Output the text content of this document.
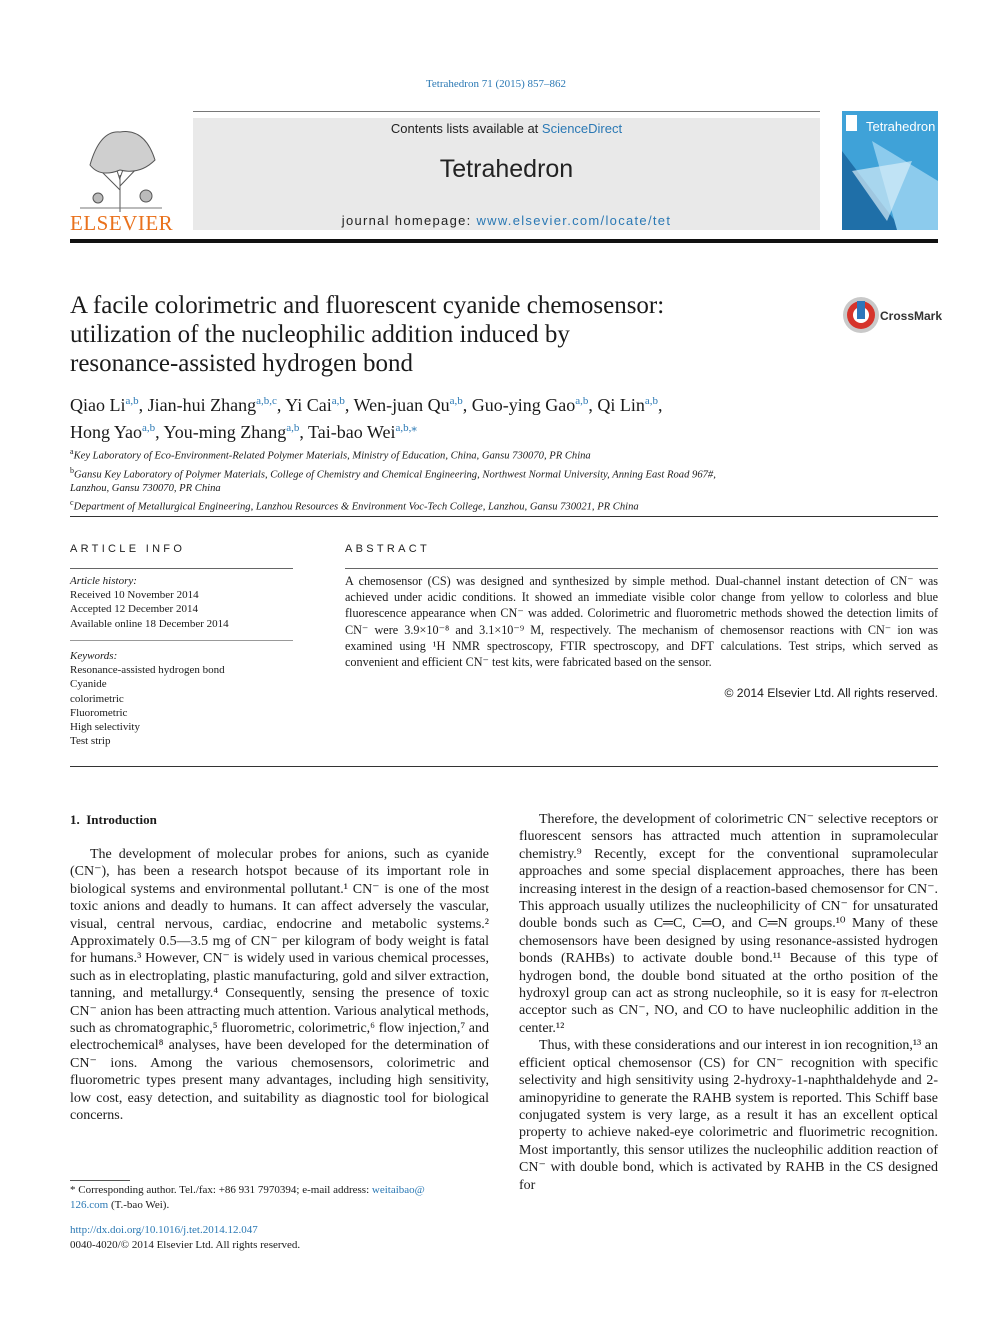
Tetrahedron 71 (2015) 857–862
ELSEVIER
Contents lists available at ScienceDirect
Tetrahedron
journal homepage: www.elsevier.com/locate/tet
Tetrahedron
A facile colorimetric and fluorescent cyanide chemosensor:
utilization of the nucleophilic addition induced by
resonance-assisted hydrogen bond
CrossMark
Qiao Li$^{a,b}$, Jian-hui Zhang$^{a,b,c}$, Yi Cai$^{a,b}$, Wen-juan Qu$^{a,b}$, Guo-ying Gao$^{a,b}$, Qi Lin$^{a,b}$,
Hong Yao$^{a,b}$, You-ming Zhang$^{a,b}$, Tai-bao Wei$^{a,b,⁎}$
$^a$Key Laboratory of Eco-Environment-Related Polymer Materials, Ministry of Education, China, Gansu 730070, PR China
$^b$Gansu Key Laboratory of Polymer Materials, College of Chemistry and Chemical Engineering, Northwest Normal University, Anning East Road 967#,
Lanzhou, Gansu 730070, PR China
$^c$Department of Metallurgical Engineering, Lanzhou Resources & Environment Voc-Tech College, Lanzhou, Gansu 730021, PR China
ARTICLE INFO
Article history:
Received 10 November 2014
Accepted 12 December 2014
Available online 18 December 2014
Keywords:
Resonance-assisted hydrogen bond
Cyanide
colorimetric
Fluorometric
High selectivity
Test strip
ABSTRACT
A chemosensor (CS) was designed and synthesized by simple method. Dual-channel instant detection of CN⁻ was achieved under acidic conditions. It showed an immediate visible color change from yellow to colorless and blue fluorescence appearance when CN⁻ was added. Colorimetric and fluorometric methods showed the detection limits of CN⁻ were 3.9×10⁻⁸ and 3.1×10⁻⁹ M, respectively. The mechanism of chemosensor reactions with CN⁻ ion was examined using ¹H NMR spectroscopy, FTIR spectroscopy, and DFT calculations. Test strips, which served as convenient and efficient CN⁻ test kits, were fabricated based on the sensor.
© 2014 Elsevier Ltd. All rights reserved.
1. Introduction

The development of molecular probes for anions, such as cyanide (CN⁻), has been a research hotspot because of its important role in biological systems and environmental pollutant.¹ CN⁻ is one of the most toxic anions and deadly to humans. It can affect adversely the vascular, visual, central nervous, cardiac, endocrine and metabolic systems.² Approximately 0.5—3.5 mg of CN⁻ per kilogram of body weight is fatal for humans.³ However, CN⁻ is widely used in various chemical processes, such as in electroplating, plastic manufacturing, gold and silver extraction, tanning, and metallurgy.⁴ Consequently, sensing the presence of toxic CN⁻ anion has been attracting much attention. Various analytical methods, such as chromatographic,⁵ fluorometric, colorimetric,⁶ flow injection,⁷ and electrochemical⁸ analyses, have been developed for the determination of CN⁻ ions. Among the various chemosensors, colorimetric and fluorometric types present many advantages, including high sensitivity, low cost, easy detection, and suitability as diagnostic tool for biological concerns.

Therefore, the development of colorimetric CN⁻ selective receptors or fluorescent sensors has attracted much attention in supramolecular chemistry.⁹ Recently, except for the conventional supramolecular approaches and some special displacement approaches, there has been increasing interest in the design of a reaction-based chemosensor for CN⁻. This approach usually utilizes the nucleophilicity of CN⁻ for unsaturated double bonds such as C═C, C═O, and C═N groups.¹⁰ Many of these chemosensors have been designed by using resonance-assisted hydrogen bonds (RAHBs) to activate double bond.¹¹ Because of this type of hydrogen bond, the double bond situated at the ortho position of the hydroxyl group can act as strong nucleophile, so it is easy for π-electron acceptor such as CN⁻, NO, and CO to have nucleophilic addition in the center.¹²

Thus, with these considerations and our interest in ion recognition,¹³ an efficient optical chemosensor (CS) for CN⁻ recognition with specific selectivity and high sensitivity using 2-hydroxy-1-naphthaldehyde and 2-aminopyridine to generate the RAHB system is reported. This Schiff base conjugated system is very large, as a result it has an excellent optical property to achieve naked-eye colorimetric and fluorimetric recognition. Most importantly, this sensor utilizes the nucleophilic addition reaction of CN⁻ with double bond, which is activated by RAHB in the CS designed for

* Corresponding author. Tel./fax: +86 931 7970394; e-mail address: weitaibao@
126.com (T.-bao Wei).
http://dx.doi.org/10.1016/j.tet.2014.12.047
0040-4020/© 2014 Elsevier Ltd. All rights reserved.
